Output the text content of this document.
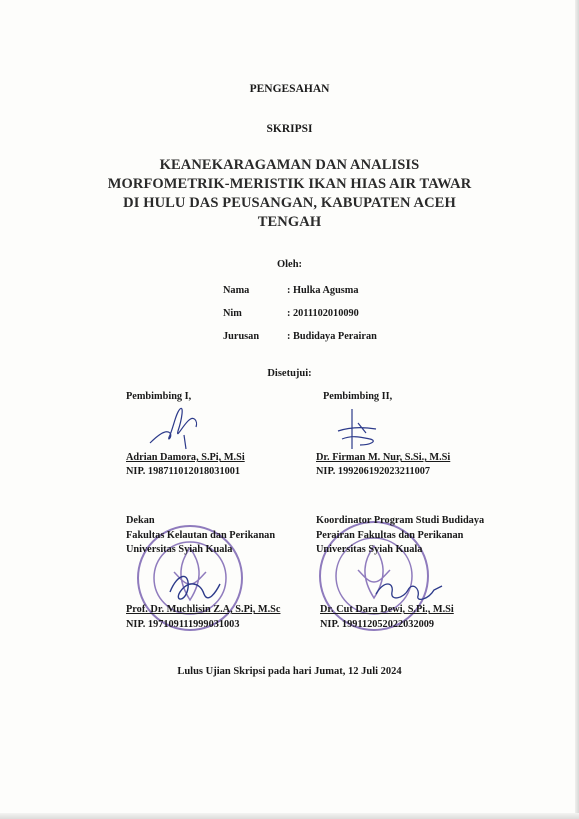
PENGESAHAN
SKRIPSI
KEANEKARAGAMAN DAN ANALISIS
MORFOMETRIK-MERISTIK IKAN HIAS AIR TAWAR
DI HULU DAS PEUSANGAN, KABUPATEN ACEH
TENGAH
Oleh:
Nama	: Hulka Agusma
Nim	: 2011102010090
Jurusan	: Budidaya Perairan
Disetujui:
Pembimbing I,	Pembimbing II,
Adrian Damora, S.Pi, M.Si
NIP. 198711012018031001
Dr. Firman M. Nur, S.Si., M.Si
NIP. 199206192023211007
Dekan
Fakultas Kelautan dan Perikanan
Universitas Syiah Kuala
Prof. Dr. Muchlisin Z.A, S.Pi, M.Sc
NIP. 197109111999031003
Koordinator Program Studi Budidaya
Perairan Fakultas dan Perikanan
Universitas Syiah Kuala
Dr. Cut Dara Dewi, S.Pi., M.Si
NIP. 199112052022032009
Lulus Ujian Skripsi pada hari Jumat, 12 Juli 2024
